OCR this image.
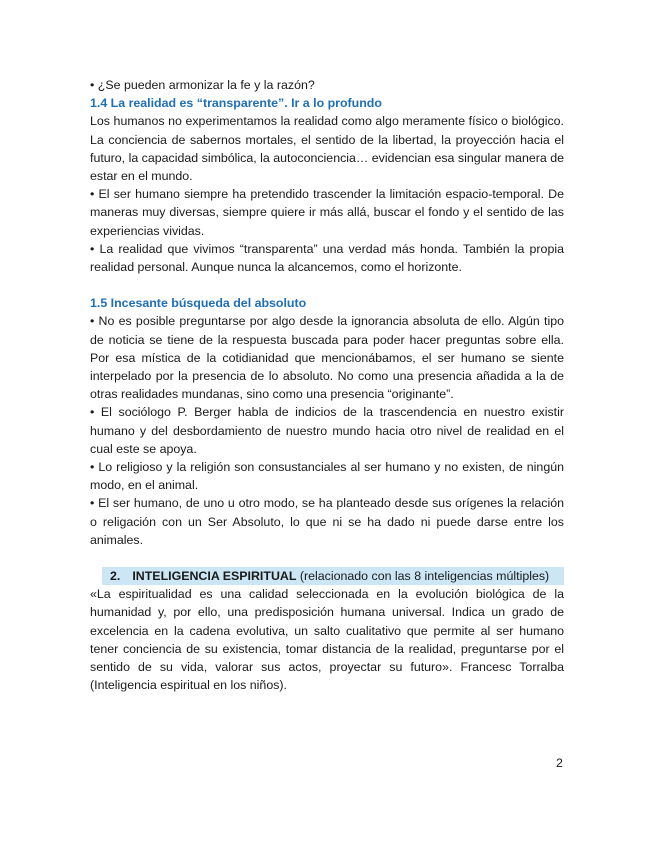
• ¿Se pueden armonizar la fe y la razón?

1.4 La realidad es “transparente”. Ir a lo profundo

Los humanos no experimentamos la realidad como algo meramente físico o biológico. La conciencia de sabernos mortales, el sentido de la libertad, la proyección hacia el futuro, la capacidad simbólica, la autoconciencia… evidencian esa singular manera de estar en el mundo.

• El ser humano siempre ha pretendido trascender la limitación espacio-temporal. De maneras muy diversas, siempre quiere ir más allá, buscar el fondo y el sentido de las experiencias vividas.

• La realidad que vivimos “transparenta” una verdad más honda. También la propia realidad personal. Aunque nunca la alcancemos, como el horizonte.

1.5 Incesante búsqueda del absoluto

• No es posible preguntarse por algo desde la ignorancia absoluta de ello. Algún tipo de noticia se tiene de la respuesta buscada para poder hacer preguntas sobre ella. Por esa mística de la cotidianidad que mencionábamos, el ser humano se siente interpelado por la presencia de lo absoluto. No como una presencia añadida a la de otras realidades mundanas, sino como una presencia “originante”.

• El sociólogo P. Berger habla de indicios de la trascendencia en nuestro existir humano y del desbordamiento de nuestro mundo hacia otro nivel de realidad en el cual este se apoya.

• Lo religioso y la religión son consustanciales al ser humano y no existen, de ningún modo, en el animal.

• El ser humano, de uno u otro modo, se ha planteado desde sus orígenes la relación o religación con un Ser Absoluto, lo que ni se ha dado ni puede darse entre los animales.

2. INTELIGENCIA ESPIRITUAL (relacionado con las 8 inteligencias múltiples)

«La espiritualidad es una calidad seleccionada en la evolución biológica de la humanidad y, por ello, una predisposición humana universal. Indica un grado de excelencia en la cadena evolutiva, un salto cualitativo que permite al ser humano tener conciencia de su existencia, tomar distancia de la realidad, preguntarse por el sentido de su vida, valorar sus actos, proyectar su futuro». Francesc Torralba (Inteligencia espiritual en los niños).

2
